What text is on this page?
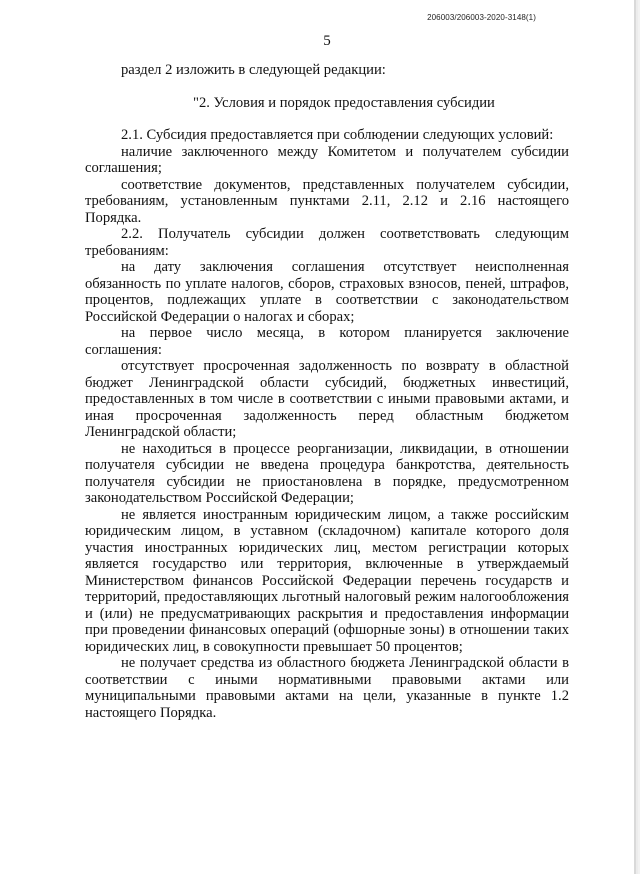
206003/206003-2020-3148(1)
5

раздел 2 изложить в следующей редакции:

"2. Условия и порядок предоставления субсидии

2.1. Субсидия предоставляется при соблюдении следующих условий:

наличие заключенного между Комитетом и получателем субсидии соглашения;

соответствие документов, представленных получателем субсидии, требованиям, установленным пунктами 2.11, 2.12 и 2.16 настоящего Порядка.

2.2. Получатель субсидии должен соответствовать следующим требованиям:

на дату заключения соглашения отсутствует неисполненная обязанность по уплате налогов, сборов, страховых взносов, пеней, штрафов, процентов, подлежащих уплате в соответствии с законодательством Российской Федерации о налогах и сборах;

на первое число месяца, в котором планируется заключение соглашения:

отсутствует просроченная задолженность по возврату в областной бюджет Ленинградской области субсидий, бюджетных инвестиций, предоставленных в том числе в соответствии с иными правовыми актами, и иная просроченная задолженность перед областным бюджетом Ленинградской области;

не находиться в процессе реорганизации, ликвидации, в отношении получателя субсидии не введена процедура банкротства, деятельность получателя субсидии не приостановлена в порядке, предусмотренном законодательством Российской Федерации;

не является иностранным юридическим лицом, а также российским юридическим лицом, в уставном (складочном) капитале которого доля участия иностранных юридических лиц, местом регистрации которых является государство или территория, включенные в утверждаемый Министерством финансов Российской Федерации перечень государств и территорий, предоставляющих льготный налоговый режим налогообложения и (или) не предусматривающих раскрытия и предоставления информации при проведении финансовых операций (офшорные зоны) в отношении таких юридических лиц, в совокупности превышает 50 процентов;

не получает средства из областного бюджета Ленинградской области в соответствии с иными нормативными правовыми актами или муниципальными правовыми актами на цели, указанные в пункте 1.2 настоящего Порядка.
